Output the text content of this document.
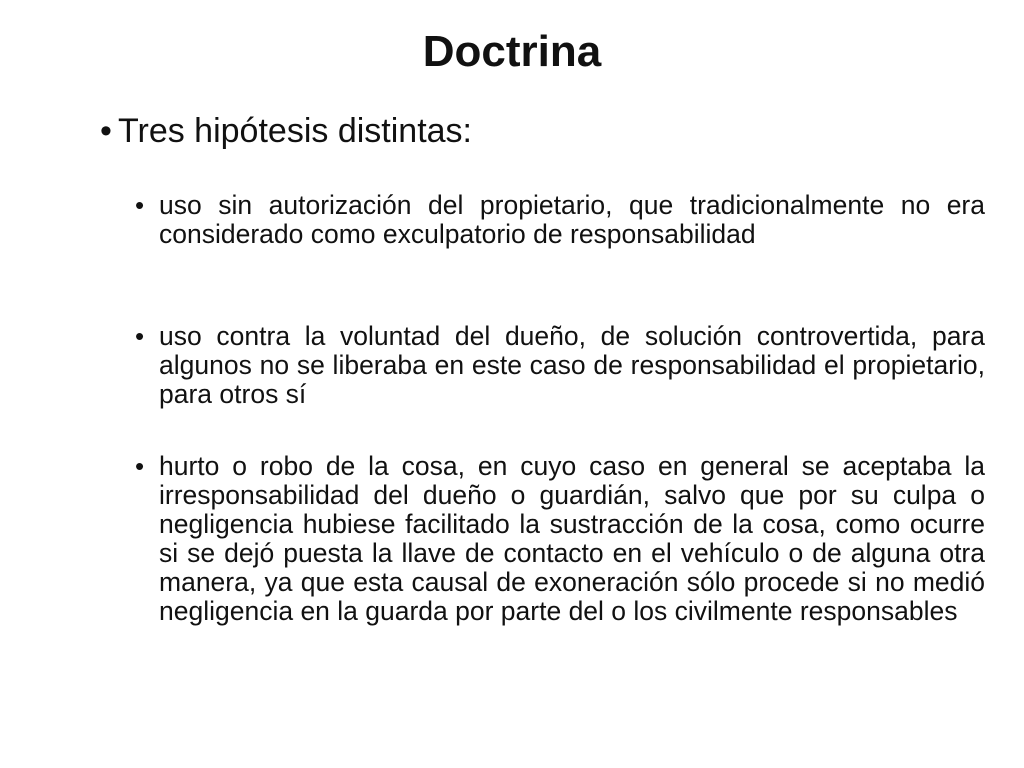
Doctrina
• Tres hipótesis distintas:
• uso sin autorización del propietario, que tradicionalmente no era considerado como exculpatorio de responsabilidad
• uso contra la voluntad del dueño, de solución controvertida, para algunos no se liberaba en este caso de responsabilidad el propietario, para otros sí
• hurto o robo de la cosa, en cuyo caso en general se aceptaba la irresponsabilidad del dueño o guardián, salvo que por su culpa o negligencia hubiese facilitado la sustracción de la cosa, como ocurre si se dejó puesta la llave de contacto en el vehículo o de alguna otra manera, ya que esta causal de exoneración sólo procede si no medió negligencia en la guarda por parte del o los civilmente responsables
